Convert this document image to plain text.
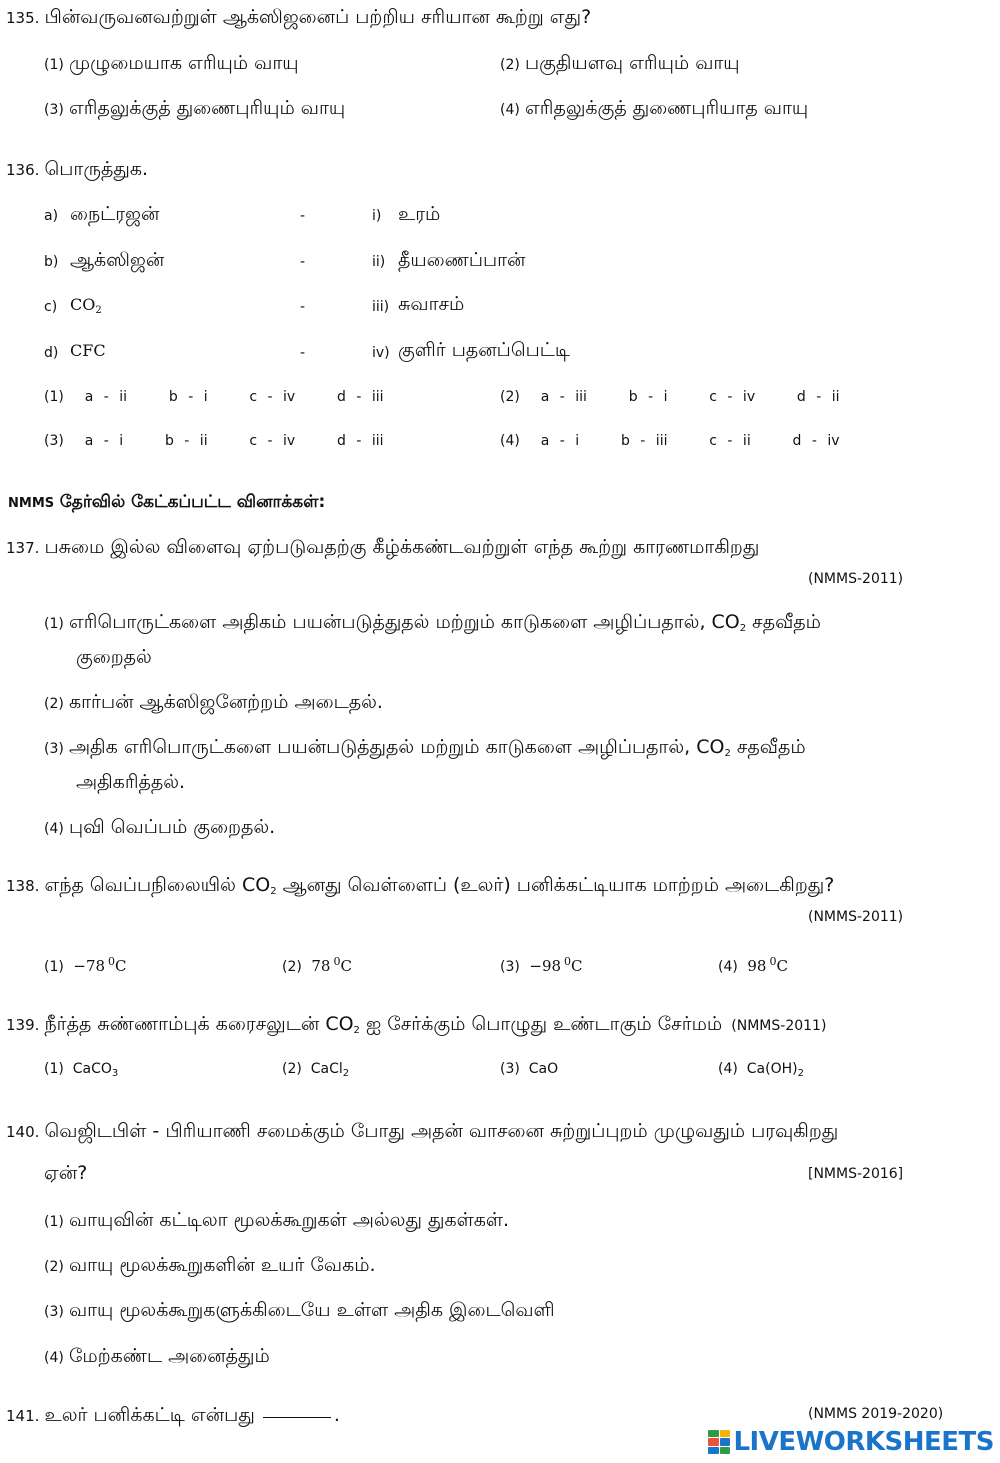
135. பின்வருவனவற்றுள் ஆக்ஸிஜனைப் பற்றிய சரியான கூற்று எது?
(1) முழுமையாக எரியும் வாயு	(2) பகுதியளவு எரியும் வாயு
(3) எரிதலுக்குத் துணைபுரியும் வாயு	(4) எரிதலுக்குத் துணைபுரியாத வாயு
136. பொருத்துக.
a) நைட்ரஜன்	-	i) உரம்
b) ஆக்ஸிஜன்	-	ii) தீயணைப்பான்
c) $CO_2$	-	iii) சுவாசம்
d) CFC	-	iv) குளிர் பதனப்பெட்டி
(1) a - ii    b - i    c - iv    d - iii	(2) a - iii    b - i    c - iv    d - ii
(3) a - i    b - ii    c - iv    d - iii	(4) a - i    b - iii    c - ii    d - iv
NMMS தேர்வில் கேட்கப்பட்ட வினாக்கள்:
137. பசுமை இல்ல விளைவு ஏற்படுவதற்கு கீழ்க்கண்டவற்றுள் எந்த கூற்று காரணமாகிறது
(NMMS-2011)
(1) எரிபொருட்களை அதிகம் பயன்படுத்துதல் மற்றும் காடுகளை அழிப்பதால், $CO_2$ சதவீதம்
குறைதல்
(2) கார்பன் ஆக்ஸிஜனேற்றம் அடைதல்.
(3) அதிக எரிபொருட்களை பயன்படுத்துதல் மற்றும் காடுகளை அழிப்பதால், $CO_2$ சதவீதம்
அதிகரித்தல்.
(4) புவி வெப்பம் குறைதல்.
138. எந்த வெப்பநிலையில் $CO_2$ ஆனது வெள்ளைப் (உலர்) பனிக்கட்டியாக மாற்றம் அடைகிறது?
(NMMS-2011)
(1) −78  $^0$C	(2) 78  $^0$C	(3) −98  $^0$C	(4) 98  $^0$C
139. நீர்த்த சுண்ணாம்புக் கரைசலுடன் $CO_2$ ஐ சேர்க்கும் பொழுது உண்டாகும் சேர்மம் (NMMS-2011)
(1) CaCO$_3$	(2) CaCl$_2$	(3) CaO	(4) $Ca(OH)_2$
140. வெஜிடபிள் - பிரியாணி சமைக்கும் போது அதன் வாசனை சுற்றுப்புறம் முழுவதும் பரவுகிறது
ஏன்?	[NMMS-2016]
(1) வாயுவின் கட்டிலா மூலக்கூறுகள் அல்லது துகள்கள்.
(2) வாயு மூலக்கூறுகளின் உயர் வேகம்.
(3) வாயு மூலக்கூறுகளுக்கிடையே உள்ள அதிக இடைவெளி
(4) மேற்கண்ட அனைத்தும்
141. உலர் பனிக்கட்டி என்பது	.	(NMMS 2019-2020)
LIVEWORKSHEETS
